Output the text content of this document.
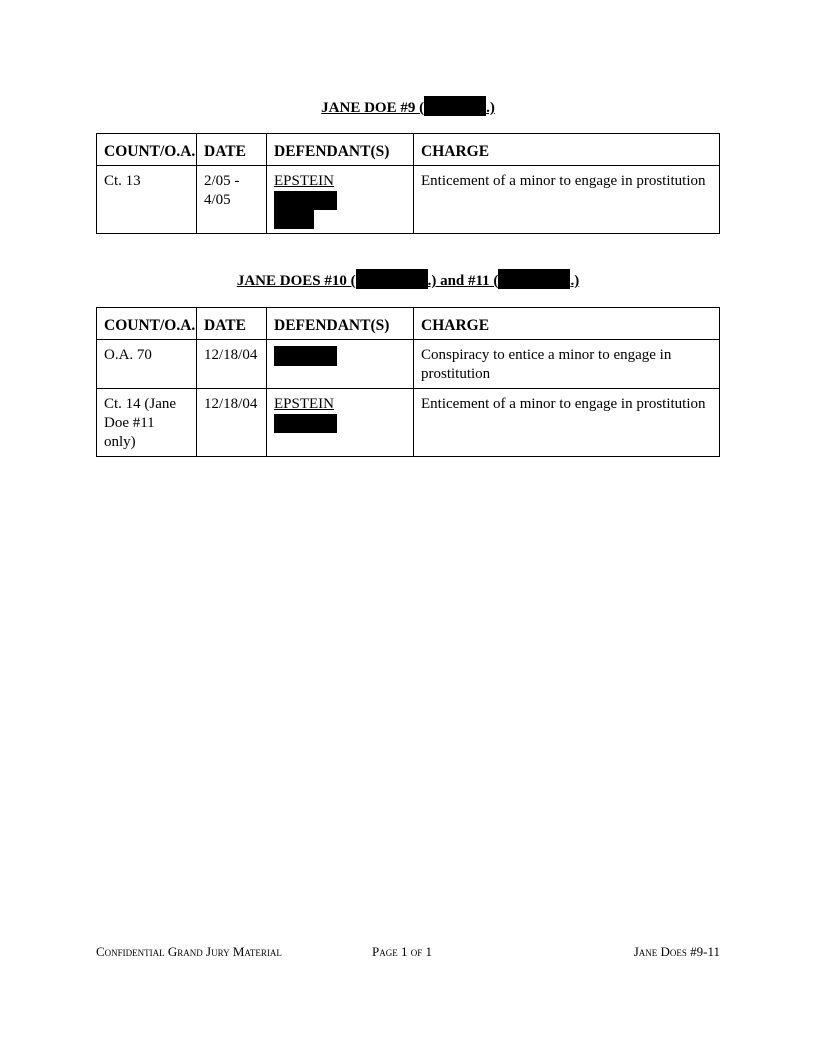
JANE DOE #9 (	.)
COUNT/O.A.	DATE	DEFENDANT(S)	CHARGE
Ct. 13	2/05 - 4/05	EPSTEIN	Enticement of a minor to engage in prostitution
JANE DOES #10 (	.) and #11 (	.)
COUNT/O.A.	DATE	DEFENDANT(S)	CHARGE
O.A. 70	12/18/04		Conspiracy to entice a minor to engage in prostitution
Ct. 14 (Jane Doe #11 only)	12/18/04	EPSTEIN	Enticement of a minor to engage in prostitution
Confidential Grand Jury Material	Page 1 of 1	Jane Does #9-11
